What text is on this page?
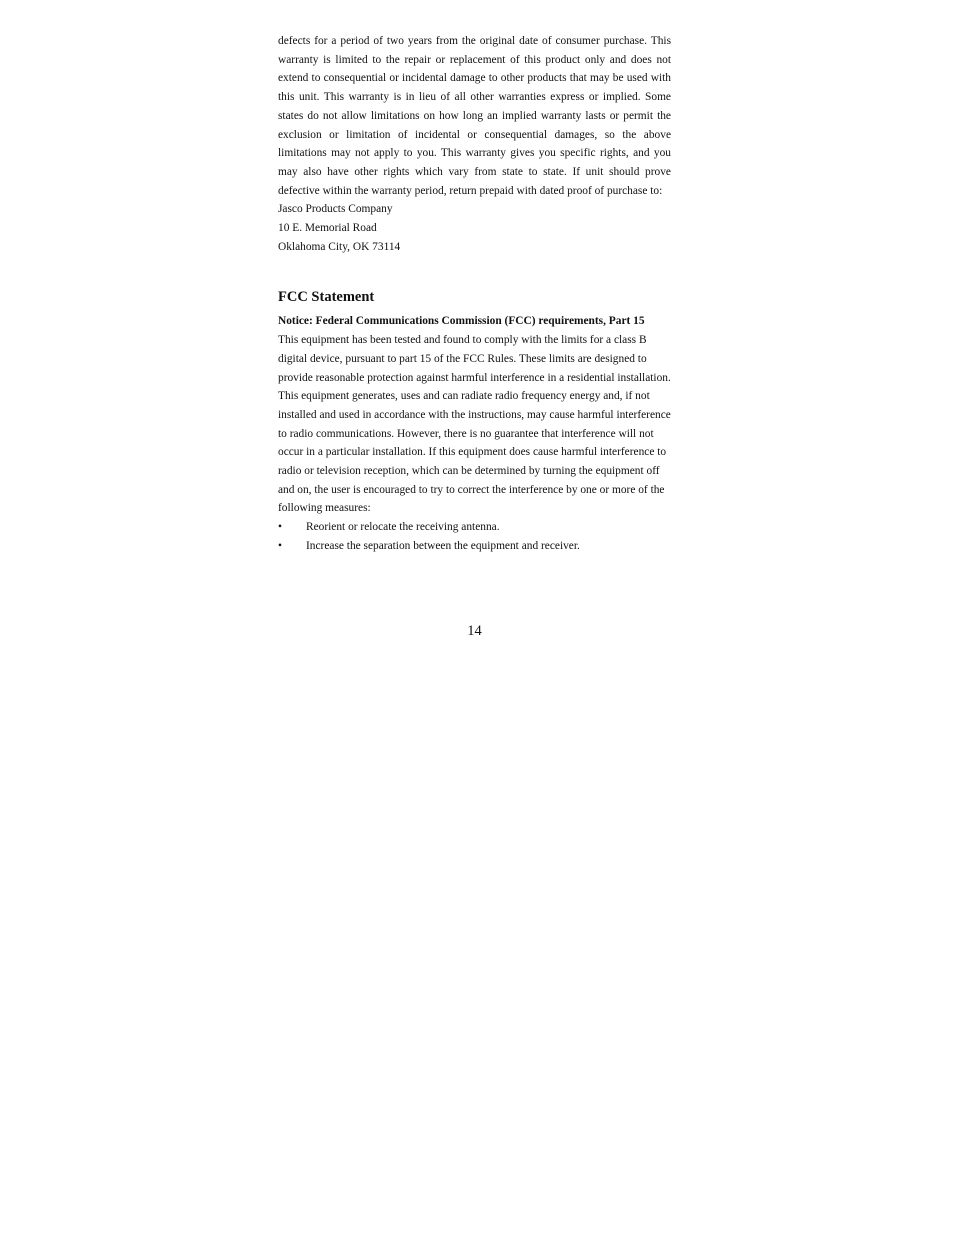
defects for a period of two years from the original date of consumer purchase. This warranty is limited to the repair or replacement of this product only and does not extend to consequential or incidental damage to other products that may be used with this unit. This warranty is in lieu of all other warranties express or implied. Some states do not allow limitations on how long an implied warranty lasts or permit the exclusion or limitation of incidental or consequential damages, so the above limitations may not apply to you. This warranty gives you specific rights, and you may also have other rights which vary from state to state. If unit should prove defective within the warranty period, return prepaid with dated proof of purchase to:

Jasco Products Company
10 E. Memorial Road
Oklahoma City, OK 73114
FCC Statement

Notice: Federal Communications Commission (FCC) requirements, Part 15

This equipment has been tested and found to comply with the limits for a class B digital device, pursuant to part 15 of the FCC Rules. These limits are designed to provide reasonable protection against harmful interference in a residential installation. This equipment generates, uses and can radiate radio frequency energy and, if not installed and used in accordance with the instructions, may cause harmful interference to radio communications. However, there is no guarantee that interference will not occur in a particular installation. If this equipment does cause harmful interference to radio or television reception, which can be determined by turning the equipment off and on, the user is encouraged to try to correct the interference by one or more of the following measures:

•	Reorient or relocate the receiving antenna.
•	Increase the separation between the equipment and receiver.
14
